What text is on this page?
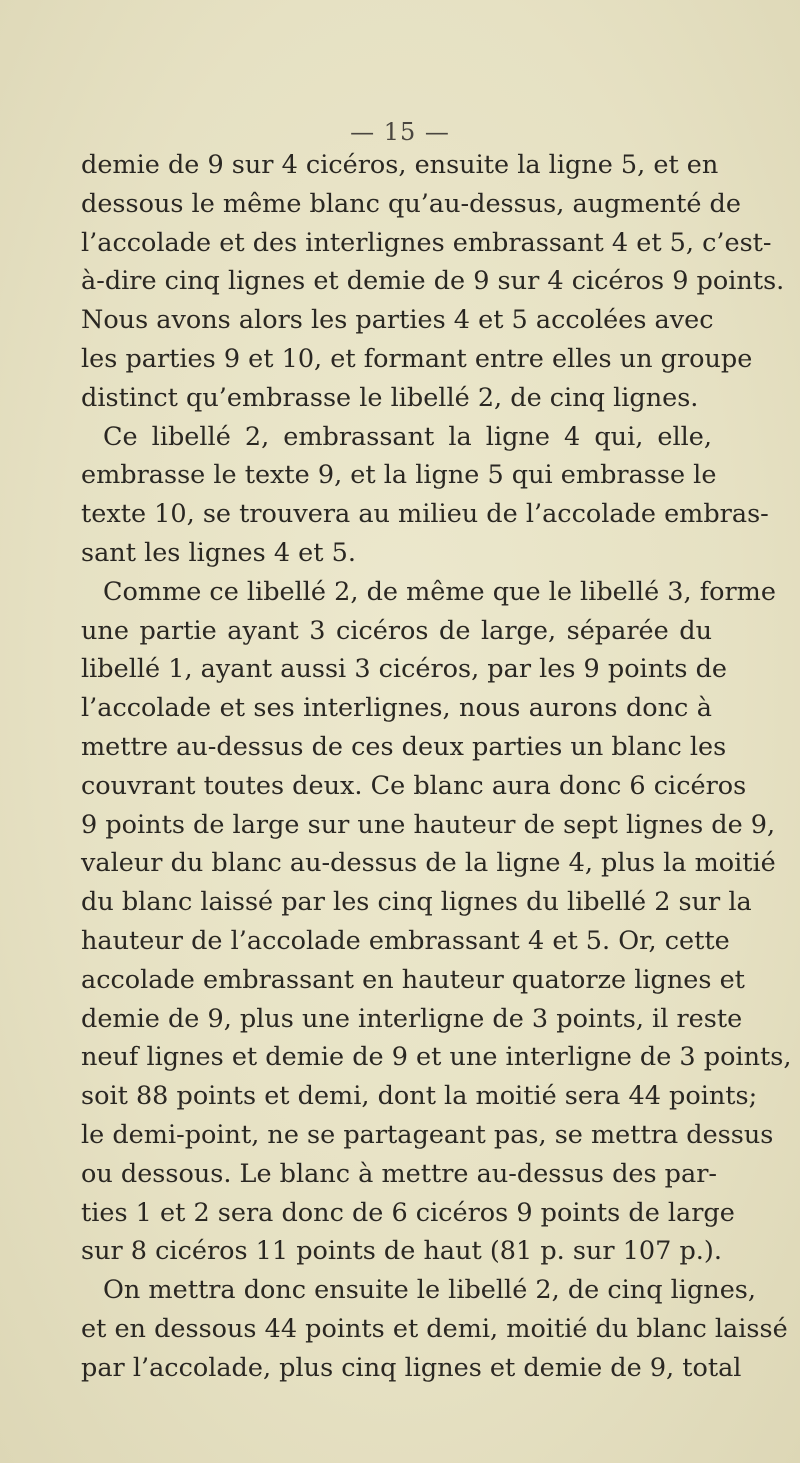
— 15 —
demie de 9 sur 4 cicéros, ensuite la ligne 5, et en
dessous le même blanc qu’au-dessus, augmenté de
l’accolade et des interlignes embrassant 4 et 5, c’est-
à-dire cinq lignes et demie de 9 sur 4 cicéros 9 points.
Nous avons alors les parties 4 et 5 accolées avec
les parties 9 et 10, et formant entre elles un groupe
distinct qu’embrasse le libellé 2, de cinq lignes.
Ce libellé 2, embrassant la ligne 4 qui, elle,
embrasse le texte 9, et la ligne 5 qui embrasse le
texte 10, se trouvera au milieu de l’accolade embras-
sant les lignes 4 et 5.
Comme ce libellé 2, de même que le libellé 3, forme
une partie ayant 3 cicéros de large, séparée du
libellé 1, ayant aussi 3 cicéros, par les 9 points de
l’accolade et ses interlignes, nous aurons donc à
mettre au-dessus de ces deux parties un blanc les
couvrant toutes deux. Ce blanc aura donc 6 cicéros
9 points de large sur une hauteur de sept lignes de 9,
valeur du blanc au-dessus de la ligne 4, plus la moitié
du blanc laissé par les cinq lignes du libellé 2 sur la
hauteur de l’accolade embrassant 4 et 5. Or, cette
accolade embrassant en hauteur quatorze lignes et
demie de 9, plus une interligne de 3 points, il reste
neuf lignes et demie de 9 et une interligne de 3 points,
soit 88 points et demi, dont la moitié sera 44 points;
le demi-point, ne se partageant pas, se mettra dessus
ou dessous. Le blanc à mettre au-dessus des par-
ties 1 et 2 sera donc de 6 cicéros 9 points de large
sur 8 cicéros 11 points de haut (81 p. sur 107 p.).
On mettra donc ensuite le libellé 2, de cinq lignes,
et en dessous 44 points et demi, moitié du blanc laissé
par l’accolade, plus cinq lignes et demie de 9, total
